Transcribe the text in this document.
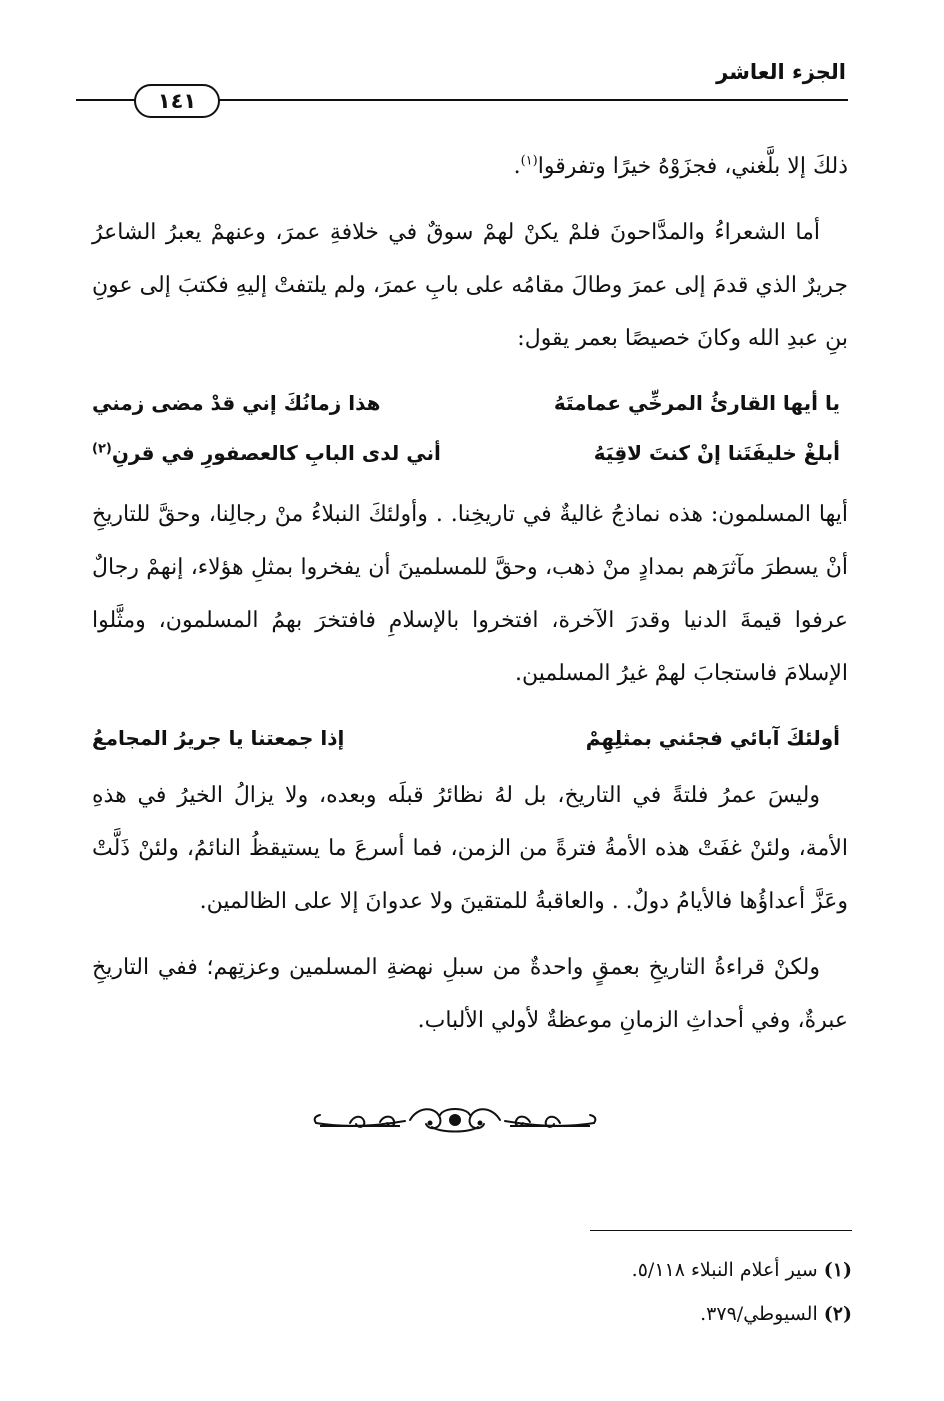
الجزء العاشر
١٤١

ذلكَ إلا بلَّغني، فجزَوْهُ خيرًا وتفرقوا$^{(١)}$.

أما الشعراءُ والمدَّاحونَ فلمْ يكنْ لهمْ سوقٌ في خلافةِ عمرَ، وعنهمْ يعبرُ الشاعرُ جريرٌ الذي قدمَ إلى عمرَ وطالَ مقامُه على بابِ عمرَ، ولم يلتفتْ إليهِ فكتبَ إلى عونِ بنِ عبدِ الله وكانَ خصيصًا بعمر يقول:

يا أيها القارئُ المرخِّي عمامتَهُ
هذا زمانُكَ إني قدْ مضى زمني
أبلغْ خليفَتَنا إنْ كنتَ لاقِيَهُ
أني لدى البابِ كالعصفورِ في قرنِ$^{(٢)}$

أيها المسلمون: هذه نماذجُ غاليةٌ في تاريخِنا. . وأولئكَ النبلاءُ منْ رجالِنا، وحقَّ للتاريخِ أنْ يسطرَ مآثرَهم بمدادٍ منْ ذهب، وحقَّ للمسلمينَ أن يفخروا بمثلِ هؤلاء، إنهمْ رجالٌ عرفوا قيمةَ الدنيا وقدرَ الآخرة، افتخروا بالإسلامِ فافتخرَ بهمُ المسلمون، ومثَّلوا الإسلامَ فاستجابَ لهمْ غيرُ المسلمين.

أولئكَ آبائي فجئني بمثلِهِمْ
إذا جمعتنا يا جريرُ المجامعُ

وليسَ عمرُ فلتةً في التاريخ، بل لهُ نظائرُ قبلَه وبعده، ولا يزالُ الخيرُ في هذهِ الأمة، ولئنْ غفَتْ هذه الأمةُ فترةً من الزمن، فما أسرعَ ما يستيقظُ النائمُ، ولئنْ ذَلَّتْ وعَزَّ أعداؤُها فالأيامُ دولٌ. . والعاقبةُ للمتقينَ ولا عدوانَ إلا على الظالمين.

ولكنْ قراءةُ التاريخِ بعمقٍ واحدةٌ من سبلِ نهضةِ المسلمين وعزتِهم؛ ففي التاريخِ عبرةٌ، وفي أحداثِ الزمانِ موعظةٌ لأولي الألباب.

(١) سير أعلام النبلاء ٥/١١٨.

(٢) السيوطي/٣٧٩.
